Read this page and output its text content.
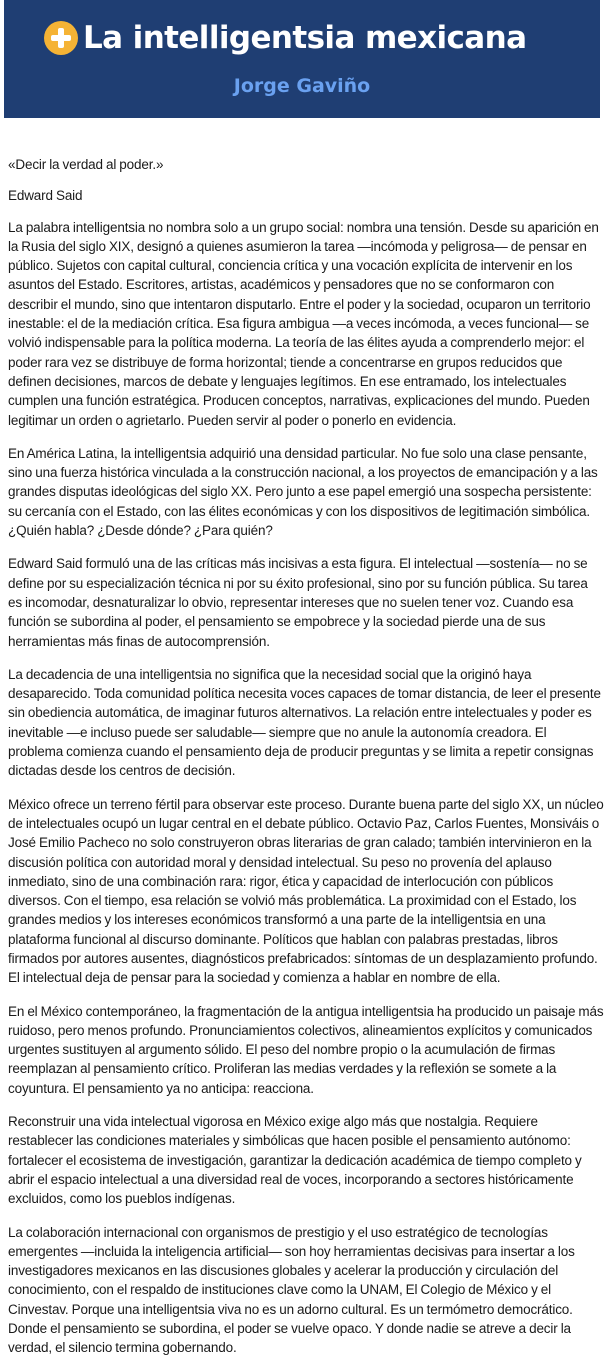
La intelligentsia mexicana
Jorge Gaviño

«Decir la verdad al poder.»

Edward Said

La palabra intelligentsia no nombra solo a un grupo social: nombra una tensión. Desde su aparición en la Rusia del siglo XIX, designó a quienes asumieron la tarea —incómoda y peligrosa— de pensar en público. Sujetos con capital cultural, conciencia crítica y una vocación explícita de intervenir en los asuntos del Estado. Escritores, artistas, académicos y pensadores que no se conformaron con describir el mundo, sino que intentaron disputarlo. Entre el poder y la sociedad, ocuparon un territorio inestable: el de la mediación crítica. Esa figura ambigua —a veces incómoda, a veces funcional— se volvió indispensable para la política moderna. La teoría de las élites ayuda a comprenderlo mejor: el poder rara vez se distribuye de forma horizontal; tiende a concentrarse en grupos reducidos que definen decisiones, marcos de debate y lenguajes legítimos. En ese entramado, los intelectuales cumplen una función estratégica. Producen conceptos, narrativas, explicaciones del mundo. Pueden legitimar un orden o agrietarlo. Pueden servir al poder o ponerlo en evidencia.

En América Latina, la intelligentsia adquirió una densidad particular. No fue solo una clase pensante, sino una fuerza histórica vinculada a la construcción nacional, a los proyectos de emancipación y a las grandes disputas ideológicas del siglo XX. Pero junto a ese papel emergió una sospecha persistente: su cercanía con el Estado, con las élites económicas y con los dispositivos de legitimación simbólica. ¿Quién habla? ¿Desde dónde? ¿Para quién?

Edward Said formuló una de las críticas más incisivas a esta figura. El intelectual —sostenía— no se define por su especialización técnica ni por su éxito profesional, sino por su función pública. Su tarea es incomodar, desnaturalizar lo obvio, representar intereses que no suelen tener voz. Cuando esa función se subordina al poder, el pensamiento se empobrece y la sociedad pierde una de sus herramientas más finas de autocomprensión.

La decadencia de una intelligentsia no significa que la necesidad social que la originó haya desaparecido. Toda comunidad política necesita voces capaces de tomar distancia, de leer el presente sin obediencia automática, de imaginar futuros alternativos. La relación entre intelectuales y poder es inevitable —e incluso puede ser saludable— siempre que no anule la autonomía creadora. El problema comienza cuando el pensamiento deja de producir preguntas y se limita a repetir consignas dictadas desde los centros de decisión.

México ofrece un terreno fértil para observar este proceso. Durante buena parte del siglo XX, un núcleo de intelectuales ocupó un lugar central en el debate público. Octavio Paz, Carlos Fuentes, Monsiváis o José Emilio Pacheco no solo construyeron obras literarias de gran calado; también intervinieron en la discusión política con autoridad moral y densidad intelectual. Su peso no provenía del aplauso inmediato, sino de una combinación rara: rigor, ética y capacidad de interlocución con públicos diversos. Con el tiempo, esa relación se volvió más problemática. La proximidad con el Estado, los grandes medios y los intereses económicos transformó a una parte de la intelligentsia en una plataforma funcional al discurso dominante. Políticos que hablan con palabras prestadas, libros firmados por autores ausentes, diagnósticos prefabricados: síntomas de un desplazamiento profundo. El intelectual deja de pensar para la sociedad y comienza a hablar en nombre de ella.

En el México contemporáneo, la fragmentación de la antigua intelligentsia ha producido un paisaje más ruidoso, pero menos profundo. Pronunciamientos colectivos, alineamientos explícitos y comunicados urgentes sustituyen al argumento sólido. El peso del nombre propio o la acumulación de firmas reemplazan al pensamiento crítico. Proliferan las medias verdades y la reflexión se somete a la coyuntura. El pensamiento ya no anticipa: reacciona.

Reconstruir una vida intelectual vigorosa en México exige algo más que nostalgia. Requiere restablecer las condiciones materiales y simbólicas que hacen posible el pensamiento autónomo: fortalecer el ecosistema de investigación, garantizar la dedicación académica de tiempo completo y abrir el espacio intelectual a una diversidad real de voces, incorporando a sectores históricamente excluidos, como los pueblos indígenas.

La colaboración internacional con organismos de prestigio y el uso estratégico de tecnologías emergentes —incluida la inteligencia artificial— son hoy herramientas decisivas para insertar a los investigadores mexicanos en las discusiones globales y acelerar la producción y circulación del conocimiento, con el respaldo de instituciones clave como la UNAM, El Colegio de México y el Cinvestav. Porque una intelligentsia viva no es un adorno cultural. Es un termómetro democrático. Donde el pensamiento se subordina, el poder se vuelve opaco. Y donde nadie se atreve a decir la verdad, el silencio termina gobernando.
